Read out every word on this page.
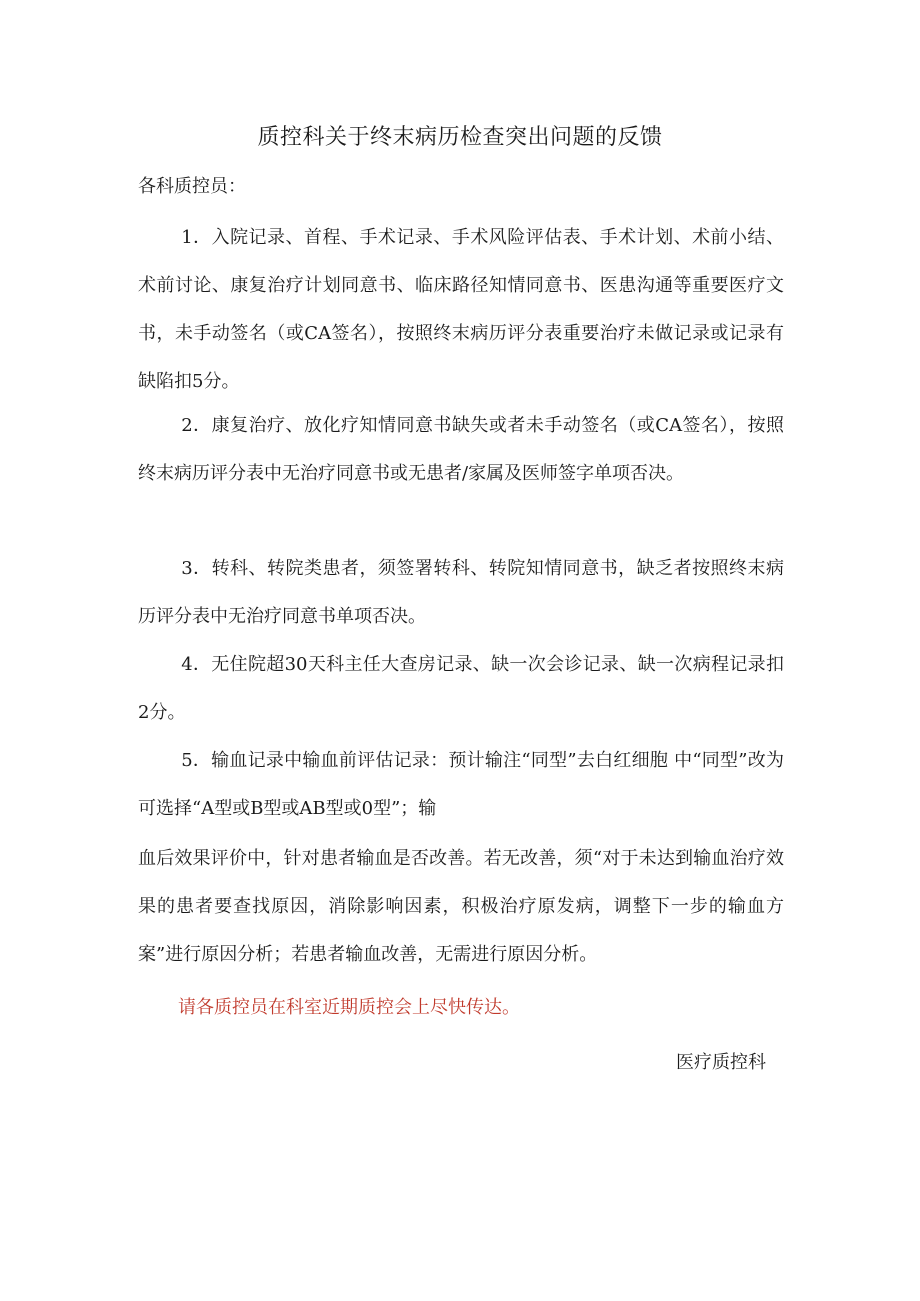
质控科关于终末病历检查突出问题的反馈
各科质控员：
1．入院记录、首程、手术记录、手术风险评估表、手术计划、术前小结、术前讨论、康复治疗计划同意书、临床路径知情同意书、医患沟通等重要医疗文书，未手动签名（或CA签名），按照终末病历评分表重要治疗未做记录或记录有缺陷扣5分。
2．康复治疗、放化疗知情同意书缺失或者未手动签名（或CA签名），按照终末病历评分表中无治疗同意书或无患者/家属及医师签字单项否决。
3．转科、转院类患者，须签署转科、转院知情同意书，缺乏者按照终末病历评分表中无治疗同意书单项否决。
4．无住院超30天科主任大查房记录、缺一次会诊记录、缺一次病程记录扣2分。
5．输血记录中输血前评估记录：预计输注“同型”去白红细胞 中“同型”改为可选择“A型或B型或AB型或0型”；输
血后效果评价中，针对患者输血是否改善。若无改善，须“对于未达到输血治疗效果的患者要查找原因，消除影响因素，积极治疗原发病，调整下一步的输血方案”进行原因分析；若患者输血改善，无需进行原因分析。
请各质控员在科室近期质控会上尽快传达。
医疗质控科
